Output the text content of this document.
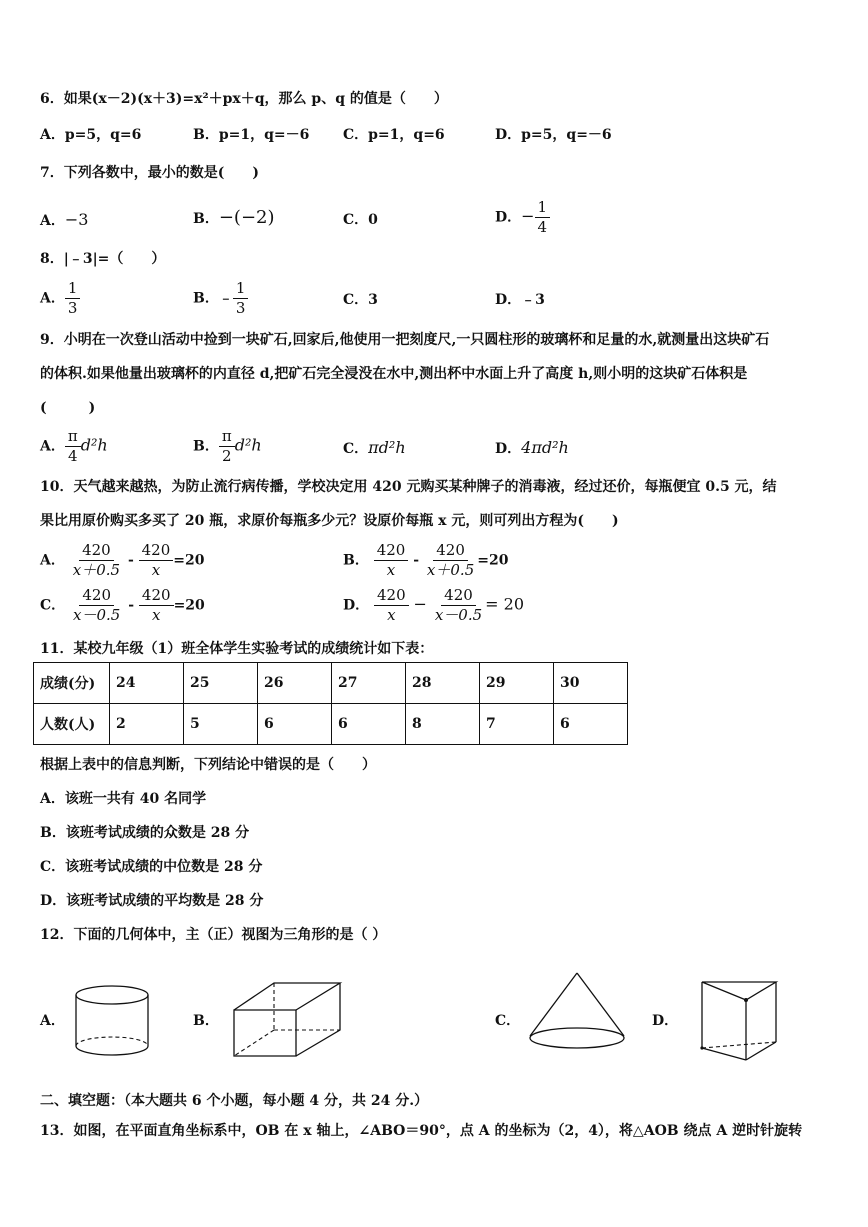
6．如果(x－2)(x＋3)=x²＋px＋q，那么 p、q 的值是（　　）
A．p=5，q=6	B．p=1，q=－6 C．p=1，q=6	D．p=5，q=－6
7．下列各数中，最小的数是(　　)
A．−3	B．−(−2)	C．0	D．− $\frac{1}{4}$
8．|﹣3|=（　　）
A． $\frac{1}{3}$	B．﹣ $\frac{1}{3}$	C．3	D．﹣3
9．小明在一次登山活动中捡到一块矿石,回家后,他使用一把刻度尺,一只圆柱形的玻璃杯和足量的水,就测量出这块矿石
的体积.如果他量出玻璃杯的内直径 d,把矿石完全浸没在水中,测出杯中水面上升了高度 h,则小明的这块矿石体积是
(　　　)
A． $\frac{\pi}{4} d^2h$	B． $\frac{\pi}{2} d^2h$	C．πd²h	D．4πd²h
10．天气越来越热，为防止流行病传播，学校决定用 420 元购买某种牌子的消毒液，经过还价，每瓶便宜 0.5 元，结
果比用原价购买多买了 20 瓶，求原价每瓶多少元？设原价每瓶 x 元，则可列出方程为(　　)
A． $\frac{420}{x+0.5} - \frac{420}{x} =20$	B． $\frac{420}{x} - \frac{420}{x+0.5} =20$
C． $\frac{420}{x-0.5} - \frac{420}{x} =20$	D． $\frac{420}{x} - \frac{420}{x-0.5} = 20$
11．某校九年级（1）班全体学生实验考试的成绩统计如下表：
成绩(分)	24	25	26	27	28	29	30
人数(人)	2	5	6	6	8	7	6
根据上表中的信息判断，下列结论中错误的是（　　）
A．该班一共有 40 名同学
B．该班考试成绩的众数是 28 分
C．该班考试成绩的中位数是 28 分
D．该班考试成绩的平均数是 28 分
12．下面的几何体中，主（正）视图为三角形的是（ ）
A．	B．	C．	D．
二、填空题：（本大题共 6 个小题，每小题 4 分，共 24 分.）
13．如图，在平面直角坐标系中，OB 在 x 轴上，∠ABO＝90°，点 A 的坐标为（2，4），将△AOB 绕点 A 逆时针旋转
